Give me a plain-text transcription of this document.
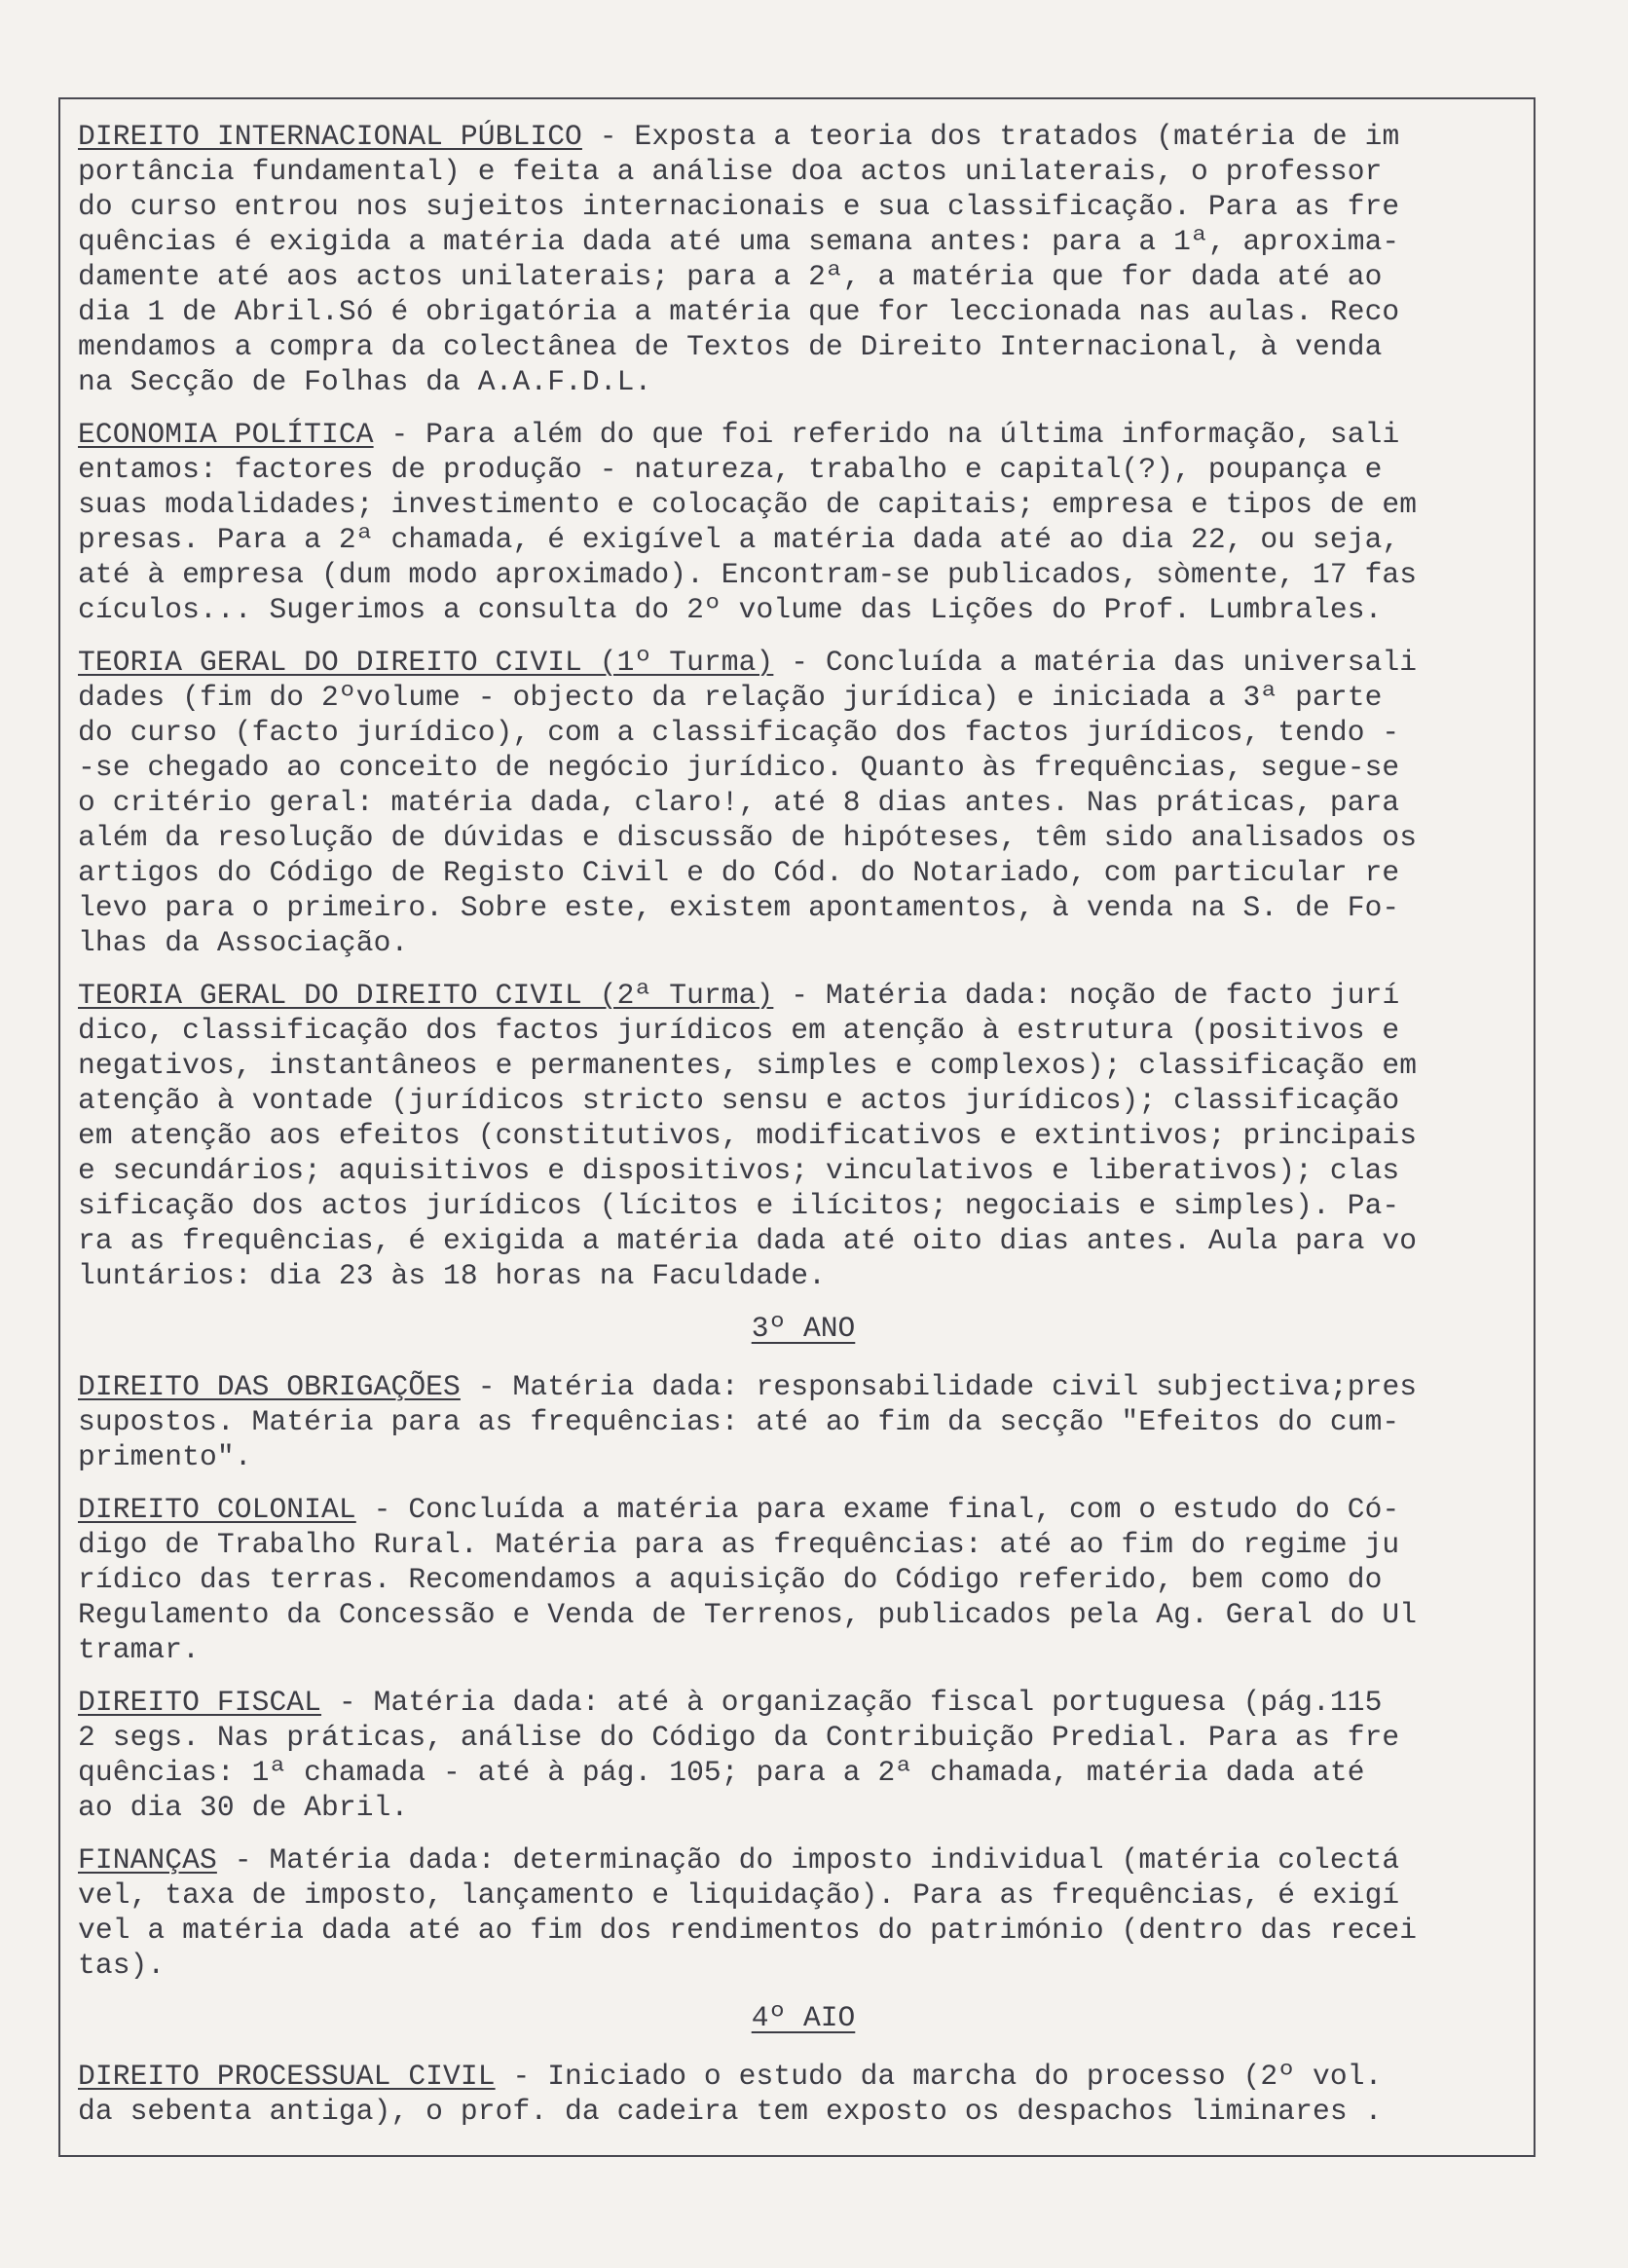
DIREITO INTERNACIONAL PÚBLICO - Exposta a teoria dos tratados (matéria de im
portância fundamental) e feita a análise doa actos unilaterais, o professor
do curso entrou nos sujeitos internacionais e sua classificação. Para as fre
quências é exigida a matéria dada até uma semana antes: para a 1ª, aproxima-
damente até aos actos unilaterais; para a 2ª, a matéria que for dada até ao
dia 1 de Abril.Só é obrigatória a matéria que for leccionada nas aulas. Reco
mendamos a compra da colectânea de Textos de Direito Internacional, à venda
na Secção de Folhas da A.A.F.D.L.
ECONOMIA POLÍTICA - Para além do que foi referido na última informação, sali
entamos: factores de produção - natureza, trabalho e capital(?), poupança e
suas modalidades; investimento e colocação de capitais; empresa e tipos de em
presas. Para a 2ª chamada, é exigível a matéria dada até ao dia 22, ou seja,
até à empresa (dum modo aproximado). Encontram-se publicados, sòmente, 17 fas
cículos... Sugerimos a consulta do 2º volume das Lições do Prof. Lumbrales.
TEORIA GERAL DO DIREITO CIVIL (1º Turma) - Concluída a matéria das universali
dades (fim do 2ºvolume - objecto da relação jurídica) e iniciada a 3ª parte
do curso (facto jurídico), com a classificação dos factos jurídicos, tendo -
-se chegado ao conceito de negócio jurídico. Quanto às frequências, segue-se
o critério geral: matéria dada, claro!, até 8 dias antes. Nas práticas, para
além da resolução de dúvidas e discussão de hipóteses, têm sido analisados os
artigos do Código de Registo Civil e do Cód. do Notariado, com particular re
levo para o primeiro. Sobre este, existem apontamentos, à venda na S. de Fo-
lhas da Associação.
TEORIA GERAL DO DIREITO CIVIL (2ª Turma) - Matéria dada: noção de facto jurí
dico, classificação dos factos jurídicos em atenção à estrutura (positivos e
negativos, instantâneos e permanentes, simples e complexos); classificação em
atenção à vontade (jurídicos stricto sensu e actos jurídicos); classificação
em atenção aos efeitos (constitutivos, modificativos e extintivos; principais
e secundários; aquisitivos e dispositivos; vinculativos e liberativos); clas
sificação dos actos jurídicos (lícitos e ilícitos; negociais e simples). Pa-
ra as frequências, é exigida a matéria dada até oito dias antes. Aula para vo
luntários: dia 23 às 18 horas na Faculdade.
3º ANO
DIREITO DAS OBRIGAÇÕES - Matéria dada: responsabilidade civil subjectiva;pres
supostos. Matéria para as frequências: até ao fim da secção "Efeitos do cum-
primento".
DIREITO COLONIAL - Concluída a matéria para exame final, com o estudo do Có-
digo de Trabalho Rural. Matéria para as frequências: até ao fim do regime ju
rídico das terras. Recomendamos a aquisição do Código referido, bem como do
Regulamento da Concessão e Venda de Terrenos, publicados pela Ag. Geral do Ul
tramar.
DIREITO FISCAL - Matéria dada: até à organização fiscal portuguesa (pág.115
2 segs. Nas práticas, análise do Código da Contribuição Predial. Para as fre
quências: 1ª chamada - até à pág. 105; para a 2ª chamada, matéria dada até
ao dia 30 de Abril.
FINANÇAS - Matéria dada: determinação do imposto individual (matéria colectá
vel, taxa de imposto, lançamento e liquidação). Para as frequências, é exigí
vel a matéria dada até ao fim dos rendimentos do património (dentro das recei
tas).
4º AIO
DIREITO PROCESSUAL CIVIL - Iniciado o estudo da marcha do processo (2º vol.
da sebenta antiga), o prof. da cadeira tem exposto os despachos liminares .
